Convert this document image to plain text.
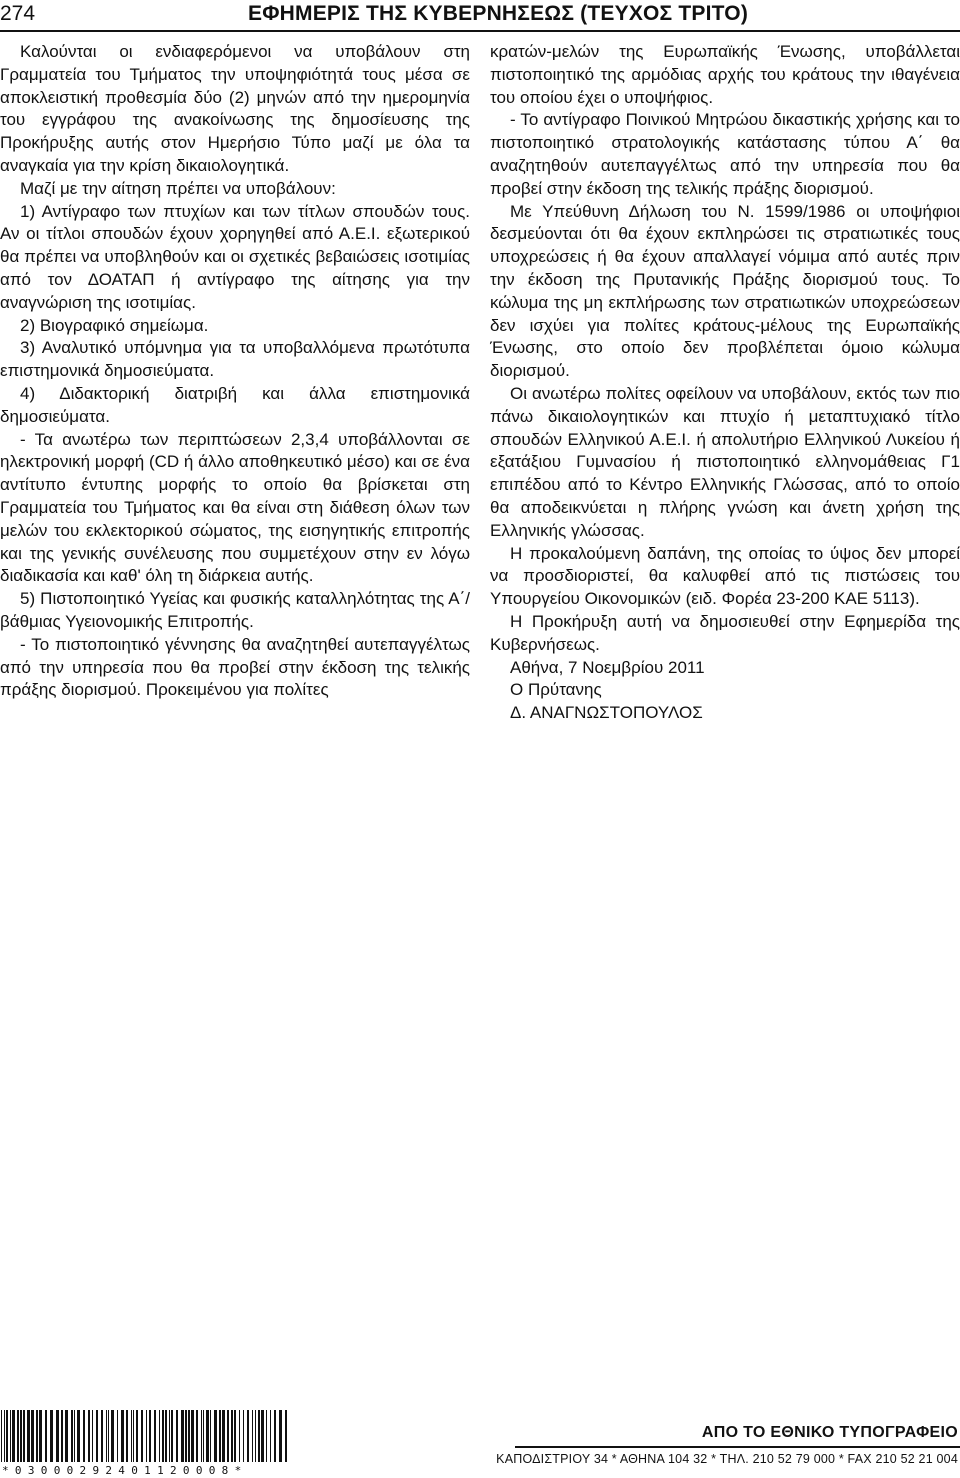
274	ΕΦΗΜΕΡΙΣ ΤΗΣ ΚΥΒΕΡΝΗΣΕΩΣ (ΤΕΥΧΟΣ ΤΡΙΤΟ)

Καλούνται οι ενδιαφερόμενοι να υποβάλουν στη Γραμματεία του Τμήματος την υποψηφιότητά τους μέσα σε αποκλειστική προθεσμία δύο (2) μηνών από την ημερομηνία του εγγράφου της ανακοίνωσης της δημοσίευσης της Προκήρυξης αυτής στον Ημερήσιο Τύπο μαζί με όλα τα αναγκαία για την κρίση δικαιολογητικά.

Μαζί με την αίτηση πρέπει να υποβάλουν:

1) Αντίγραφο των πτυχίων και των τίτλων σπουδών τους. Αν οι τίτλοι σπουδών έχουν χορηγηθεί από Α.Ε.Ι. εξωτερικού θα πρέπει να υποβληθούν και οι σχετικές βεβαιώσεις ισοτιμίας από τον ΔΟΑΤΑΠ ή αντίγραφο της αίτησης για την αναγνώριση της ισοτιμίας.

2) Βιογραφικό σημείωμα.

3) Αναλυτικό υπόμνημα για τα υποβαλλόμενα πρωτότυπα επιστημονικά δημοσιεύματα.

4) Διδακτορική διατριβή και άλλα επιστημονικά δημοσιεύματα.

- Τα ανωτέρω των περιπτώσεων 2,3,4 υποβάλλονται σε ηλεκτρονική μορφή (CD ή άλλο αποθηκευτικό μέσο) και σε ένα αντίτυπο έντυπης μορφής το οποίο θα βρίσκεται στη Γραμματεία του Τμήματος και θα είναι στη διάθεση όλων των μελών του εκλεκτορικού σώματος, της εισηγητικής επιτροπής και της γενικής συνέλευσης που συμμετέχουν στην εν λόγω διαδικασία και καθ' όλη τη διάρκεια αυτής.

5) Πιστοποιητικό Υγείας και φυσικής καταλληλότητας της Α΄/βάθμιας Υγειονομικής Επιτροπής.

- Το πιστοποιητικό γέννησης θα αναζητηθεί αυτεπαγγέλτως από την υπηρεσία που θα προβεί στην έκδοση της τελικής πράξης διορισμού. Προκειμένου για πολίτες

κρατών-μελών της Ευρωπαϊκής Ένωσης, υποβάλλεται πιστοποιητικό της αρμόδιας αρχής του κράτους την ιθαγένεια του οποίου έχει ο υποψήφιος.

- Το αντίγραφο Ποινικού Μητρώου δικαστικής χρήσης και το πιστοποιητικό στρατολογικής κατάστασης τύπου Α΄ θα αναζητηθούν αυτεπαγγέλτως από την υπηρεσία που θα προβεί στην έκδοση της τελικής πράξης διορισμού.

Με Υπεύθυνη Δήλωση του Ν. 1599/1986 οι υποψήφιοι δεσμεύονται ότι θα έχουν εκπληρώσει τις στρατιωτικές τους υποχρεώσεις ή θα έχουν απαλλαγεί νόμιμα από αυτές πριν την έκδοση της Πρυτανικής Πράξης διορισμού τους. Το κώλυμα της μη εκπλήρωσης των στρατιωτικών υποχρεώσεων δεν ισχύει για πολίτες κράτους-μέλους της Ευρωπαϊκής Ένωσης, στο οποίο δεν προβλέπεται όμοιο κώλυμα διορισμού.

Οι ανωτέρω πολίτες οφείλουν να υποβάλουν, εκτός των πιο πάνω δικαιολογητικών και πτυχίο ή μεταπτυχιακό τίτλο σπουδών Ελληνικού Α.Ε.Ι. ή απολυτήριο Ελληνικού Λυκείου ή εξατάξιου Γυμνασίου ή πιστοποιητικό ελληνομάθειας Γ1 επιπέδου από το Κέντρο Ελληνικής Γλώσσας, από το οποίο θα αποδεικνύεται η πλήρης γνώση και άνετη χρήση της Ελληνικής γλώσσας.

Η προκαλούμενη δαπάνη, της οποίας το ύψος δεν μπορεί να προσδιοριστεί, θα καλυφθεί από τις πιστώσεις του Υπουργείου Οικονομικών (ειδ. Φορέα 23-200 ΚΑΕ 5113).

Η Προκήρυξη αυτή να δημοσιευθεί στην Εφημερίδα της Κυβερνήσεως.

Αθήνα, 7 Νοεμβρίου 2011

Ο Πρύτανης

Δ. ΑΝΑΓΝΩΣΤΟΠΟΥΛΟΣ

*03000292401120008*
ΑΠΟ ΤΟ ΕΘΝΙΚΟ ΤΥΠΟΓΡΑΦΕΙΟ
ΚΑΠΟΔΙΣΤΡΙΟΥ 34 * ΑΘΗΝΑ 104 32 * ΤΗΛ. 210 52 79 000 * FAX 210 52 21 004
